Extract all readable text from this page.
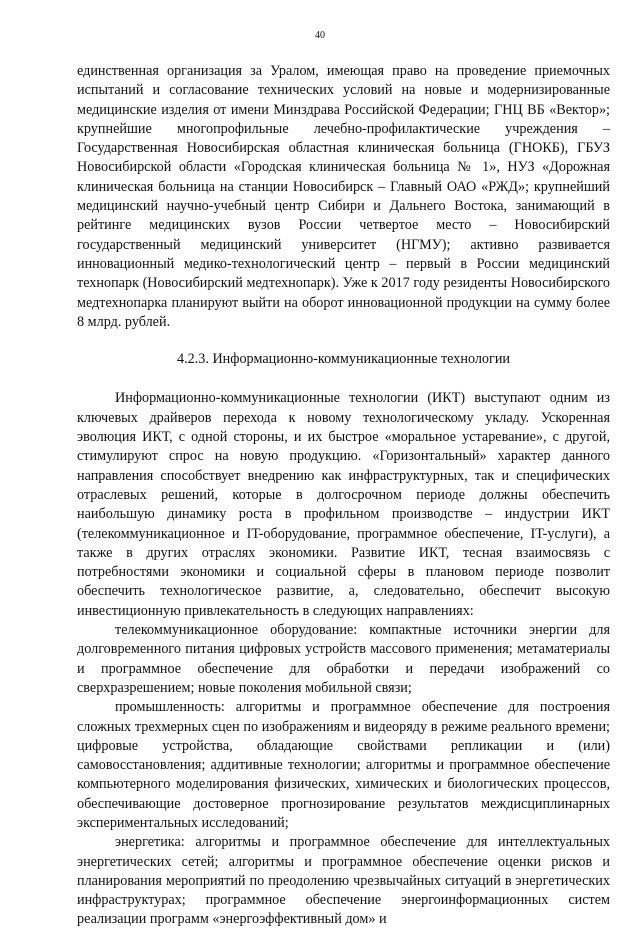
40

единственная организация за Уралом, имеющая право на проведение приемочных испытаний и согласование технических условий на новые и модернизированные медицинские изделия от имени Минздрава Российской Федерации; ГНЦ ВБ «Вектор»; крупнейшие многопрофильные лечебно-профилактические учреждения – Государственная Новосибирская областная клиническая больница (ГНОКБ), ГБУЗ Новосибирской области «Городская клиническая больница № 1», НУЗ «Дорожная клиническая больница на станции Новосибирск – Главный ОАО «РЖД»; крупнейший медицинский научно-учебный центр Сибири и Дальнего Востока, занимающий в рейтинге медицинских вузов России четвертое место – Новосибирский государственный медицинский университет (НГМУ); активно развивается инновационный медико-технологический центр – первый в России медицинский технопарк (Новосибирский медтехнопарк). Уже к 2017 году резиденты Новосибирского медтехнопарка планируют выйти на оборот инновационной продукции на сумму более 8 млрд. рублей.

4.2.3. Информационно-коммуникационные технологии

Информационно-коммуникационные технологии (ИКТ) выступают одним из ключевых драйверов перехода к новому технологическому укладу. Ускоренная эволюция ИКТ, с одной стороны, и их быстрое «моральное устаревание», с другой, стимулируют спрос на новую продукцию. «Горизонтальный» характер данного направления способствует внедрению как инфраструктурных, так и специфических отраслевых решений, которые в долгосрочном периоде должны обеспечить наибольшую динамику роста в профильном производстве – индустрии ИКТ (телекоммуникационное и IT-оборудование, программное обеспечение, IT-услуги), а также в других отраслях экономики. Развитие ИКТ, тесная взаимосвязь с потребностями экономики и социальной сферы в плановом периоде позволит обеспечить технологическое развитие, а, следовательно, обеспечит высокую инвестиционную привлекательность в следующих направлениях:

телекоммуникационное оборудование: компактные источники энергии для долговременного питания цифровых устройств массового применения; метаматериалы и программное обеспечение для обработки и передачи изображений со сверхразрешением; новые поколения мобильной связи;

промышленность: алгоритмы и программное обеспечение для построения сложных трехмерных сцен по изображениям и видеоряду в режиме реального времени; цифровые устройства, обладающие свойствами репликации и (или) самовосстановления; аддитивные технологии; алгоритмы и программное обеспечение компьютерного моделирования физических, химических и биологических процессов, обеспечивающие достоверное прогнозирование результатов междисциплинарных экспериментальных исследований;

энергетика: алгоритмы и программное обеспечение для интеллектуальных энергетических сетей; алгоритмы и программное обеспечение оценки рисков и планирования мероприятий по преодолению чрезвычайных ситуаций в энергетических инфраструктурах; программное обеспечение энергоинформационных систем реализации программ «энергоэффективный дом» и
